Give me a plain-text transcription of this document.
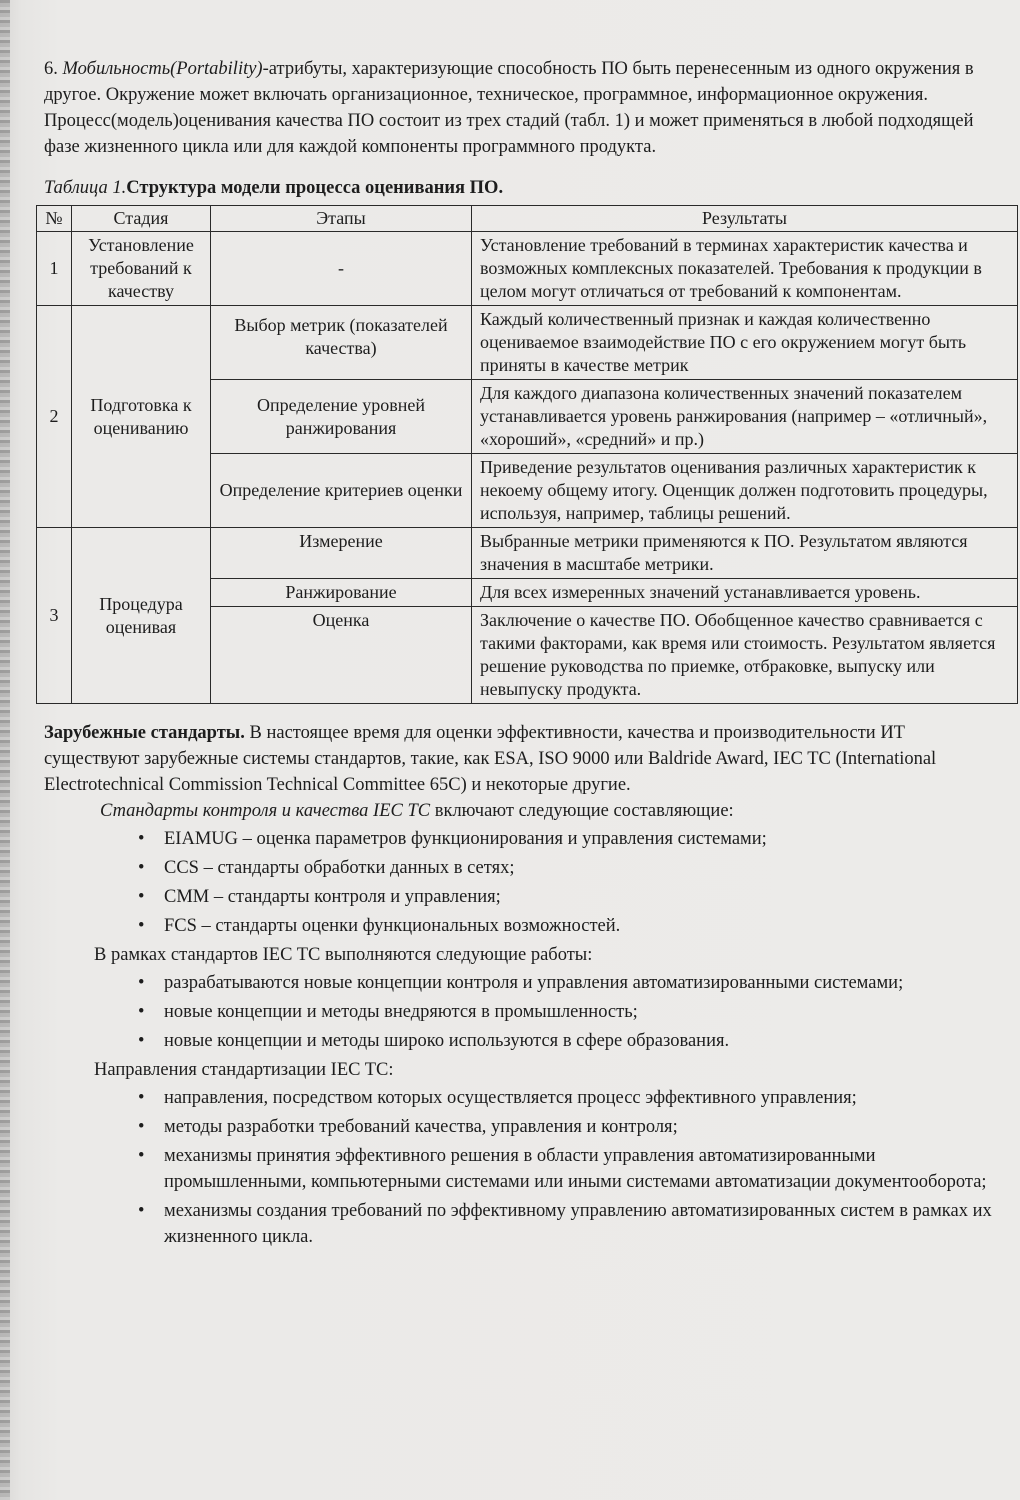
6. Мобильность(Portability)-атрибуты, характеризующие способность ПО быть перенесенным из одного окружения в другое. Окружение может включать организационное, техническое, программное, информационное окружения.

Процесс(модель)оценивания качества ПО состоит из трех стадий (табл. 1) и может применяться в любой подходящей фазе жизненного цикла или для каждой компоненты программного продукта.

Таблица 1.Структура модели процесса оценивания ПО.
№	Стадия	Этапы	Результаты
1	Установление требований к качеству	-	Установление требований в терминах характеристик качества и возможных комплексных показателей. Требования к продукции в целом могут отличаться от требований к компонентам.
2	Подготовка к оцениванию	Выбор метрик (показателей качества)	Каждый количественный признак и каждая количественно оцениваемое взаимодействие ПО с его окружением могут быть приняты в качестве метрик
		Определение уровней ранжирования	Для каждого диапазона количественных значений показателем устанавливается уровень ранжирования (например – «отличный», «хороший», «средний» и пр.)
		Определение критериев оценки	Приведение результатов оценивания различных характеристик к некоему общему итогу. Оценщик должен подготовить процедуры, используя, например, таблицы решений.
3	Процедура оценивая	Измерение	Выбранные метрики применяются к ПО. Результатом являются значения в масштабе метрики.
		Ранжирование	Для всех измеренных значений устанавливается уровень.
		Оценка	Заключение о качестве ПО. Обобщенное качество сравнивается с такими факторами, как время или стоимость. Результатом является решение руководства по приемке, отбраковке, выпуску или невыпуску продукта.

Зарубежные стандарты. В настоящее время для оценки эффективности, качества и производительности ИТ существуют зарубежные системы стандартов, такие, как ESA, ISO 9000 или Baldride Award, IEC TC (International Electrotechnical Commission Technical Committee 65C) и некоторые другие.

Стандарты контроля и качества IEC TC включают следующие составляющие:

• EIAMUG – оценка параметров функционирования и управления системами;
• CCS – стандарты обработки данных в сетях;
• CMM – стандарты контроля и управления;
• FCS – стандарты оценки функциональных возможностей.

В рамках стандартов IEC TC выполняются следующие работы:

• разрабатываются новые концепции контроля и управления автоматизированными системами;
• новые концепции и методы внедряются в промышленность;
• новые концепции и методы широко используются в сфере образования.

Направления стандартизации IEC TC:

• направления, посредством которых осуществляется процесс эффективного управления;
• методы разработки требований качества, управления и контроля;
• механизмы принятия эффективного решения в области управления автоматизированными промышленными, компьютерными системами или иными системами автоматизации документооборота;
• механизмы создания требований по эффективному управлению автоматизированных систем в рамках их жизненного цикла.
